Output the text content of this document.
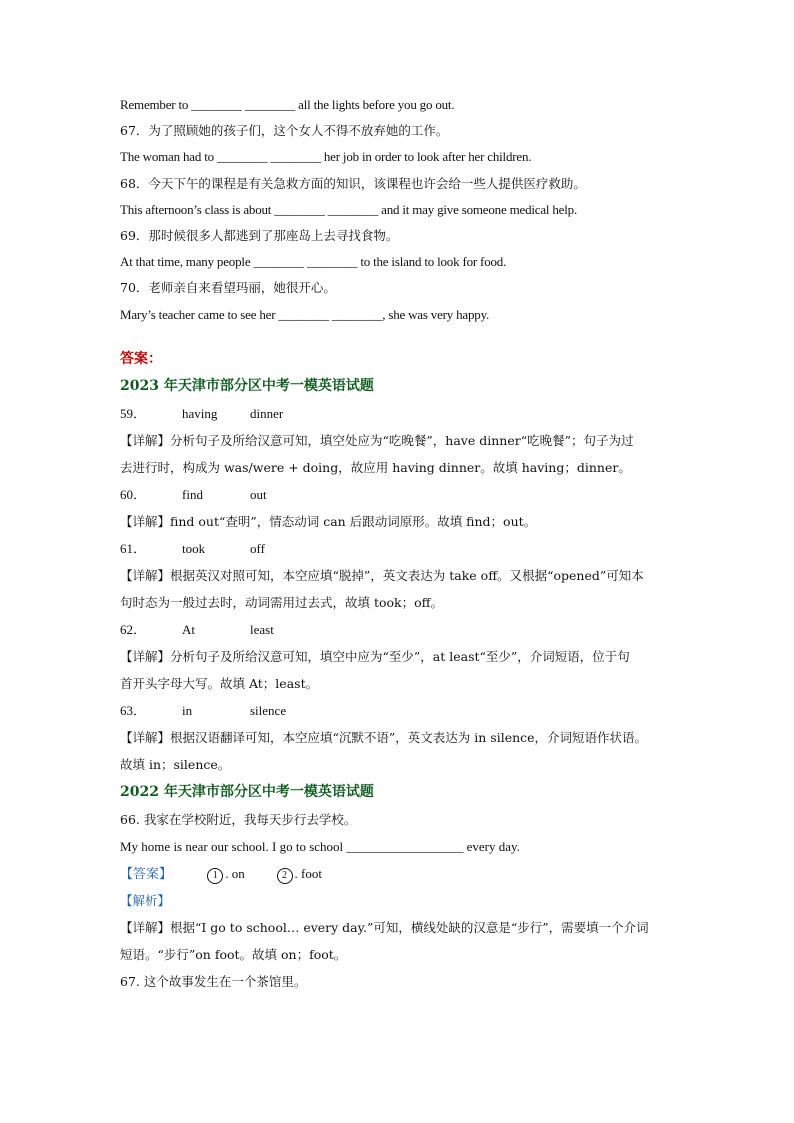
Remember to ________ ________ all the lights before you go out.
67．为了照顾她的孩子们，这个女人不得不放弃她的工作。
The woman had to ________ ________ her job in order to look after her children.
68．今天下午的课程是有关急救方面的知识，该课程也许会给一些人提供医疗救助。
This afternoon’s class is about ________ ________ and it may give someone medical help.
69．那时候很多人都逃到了那座岛上去寻找食物。
At that time, many people ________ ________ to the island to look for food.
70．老师亲自来看望玛丽，她很开心。
Mary’s teacher came to see her ________ ________, she was very happy.
答案：
2023 年天津市部分区中考一模英语试题
59．	having	dinner
【详解】分析句子及所给汉意可知，填空处应为“吃晚餐”，have dinner“吃晚餐”；句子为过
去进行时，构成为 was/were + doing，故应用 having dinner。故填 having；dinner。
60．	find	out
【详解】find out“查明”，情态动词 can 后跟动词原形。故填 find；out。
61．	took	off
【详解】根据英汉对照可知，本空应填“脱掉”，英文表达为 take off。又根据“opened”可知本
句时态为一般过去时，动词需用过去式，故填 took；off。
62．	At	least
【详解】分析句子及所给汉意可知，填空中应为“至少”，at least“至少”，介词短语，位于句
首开头字母大写。故填 At；least。
63．	in	silence
【详解】根据汉语翻译可知，本空应填“沉默不语”，英文表达为 in silence，介词短语作状语。
故填 in；silence。
2022 年天津市部分区中考一模英语试题
66. 我家在学校附近，我每天步行去学校。
My home is near our school. I go to school __________________ every day.
【答案】	1 . on	2 . foot
【解析】
【详解】根据“I go to school… every day.”可知，横线处缺的汉意是“步行”，需要填一个介词
短语。“步行”on foot。故填 on；foot。
67. 这个故事发生在一个茶馆里。
